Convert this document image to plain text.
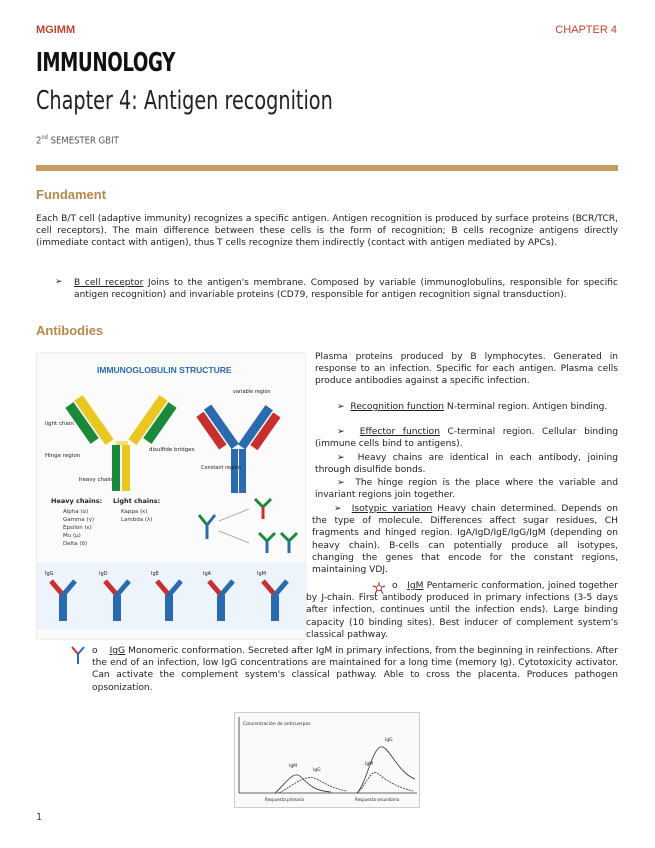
MGIMM	CHAPTER 4
IMMUNOLOGY
Chapter 4: Antigen recognition
2nd SEMESTER GBIT
Fundament
Each B/T cell (adaptive immunity) recognizes a specific antigen. Antigen recognition is produced by surface proteins (BCR/TCR, cell receptors). The main difference between these cells is the form of recognition; B cells recognize antigens directly (immediate contact with antigen), thus T cells recognize them indirectly (contact with antigen mediated by APCs).
➢ B cell receptor Joins to the antigen's membrane. Composed by variable (immunoglobulins, responsible for specific antigen recognition) and invariable proteins (CD79, responsible for antigen recognition signal transduction).
Antibodies
IMMUNOGLOBULIN STRUCTURE
light chain
Hinge region
heavy chain
disulfide bridges
variable region
Constant region
Heavy chains:
Alpha (α)
Gamma (γ)
Epsilon (ε)
Mu (μ)
Delta (δ)
Light chains:
Kappa (κ)
Lambda (λ)
IgG	IgD	IgE	IgA	IgM
Plasma proteins produced by B lymphocytes. Generated in response to an infection. Specific for each antigen. Plasma cells produce antibodies against a specific infection.
➢ Recognition function N-terminal region. Antigen binding.
➢ Effector function C-terminal region. Cellular binding (immune cells bind to antigens).
➢ Heavy chains are identical in each antibody, joining through disulfide bonds.
➢ The hinge region is the place where the variable and invariant regions join together.
➢ Isotypic variation Heavy chain determined. Depends on the type of molecule. Differences affect sugar residues, CH fragments and hinged region. IgA/IgD/IgE/IgG/IgM (depending on heavy chain). B-cells can potentially produce all isotypes, changing the genes that encode for the constant regions, maintaining VDJ.
o IgM Pentameric conformation, joined together by J-chain. First antibody produced in primary infections (3-5 days after infection, continues until the infection ends). Large binding capacity (10 binding sites). Best inducer of complement system's classical pathway.
o IgG Monomeric conformation. Secreted after IgM in primary infections, from the beginning in reinfections. After the end of an infection, low IgG concentrations are maintained for a long time (memory Ig). Cytotoxicity activator. Can activate the complement system's classical pathway. Able to cross the placenta. Produces pathogen opsonization.
Concentración de anticuerpos
IgM
IgG
IgM
IgG
Respuesta primaria	Respuesta secundaria
1
